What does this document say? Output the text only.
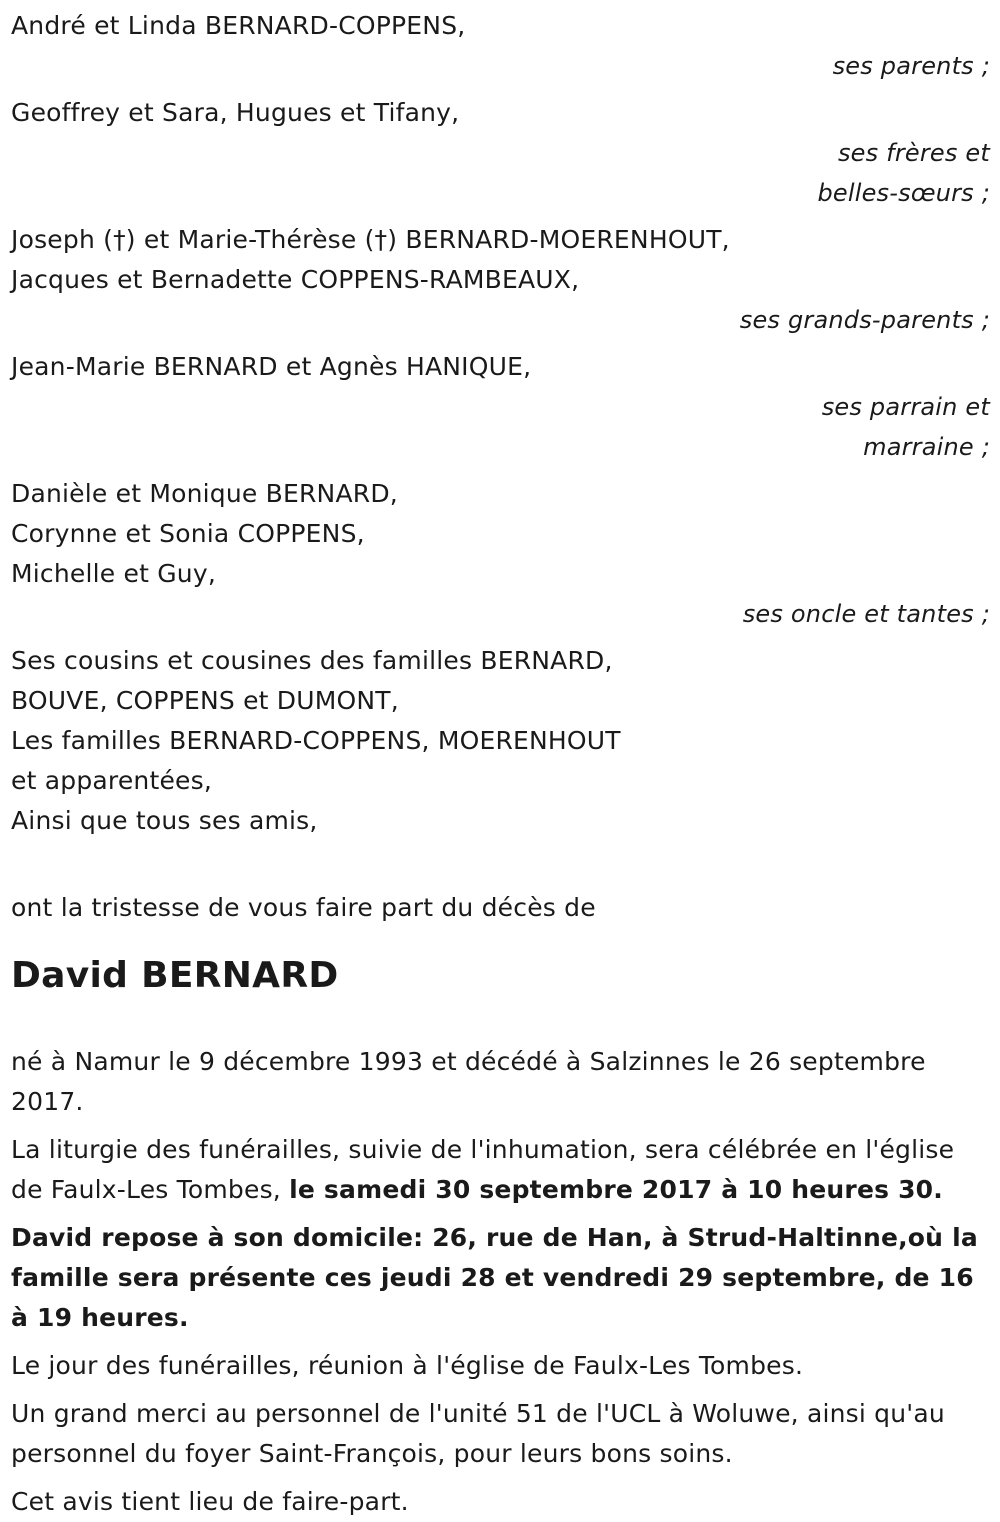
André et Linda BERNARD-COPPENS,
ses parents ;
Geoffrey et Sara, Hugues et Tifany,
ses frères et
belles-sœurs ;
Joseph (†) et Marie-Thérèse (†) BERNARD-MOERENHOUT,
Jacques et Bernadette COPPENS-RAMBEAUX,
ses grands-parents ;
Jean-Marie BERNARD et Agnès HANIQUE,
ses parrain et
marraine ;
Danièle et Monique BERNARD,
Corynne et Sonia COPPENS,
Michelle et Guy,
ses oncle et tantes ;
Ses cousins et cousines des familles BERNARD,
BOUVE, COPPENS et DUMONT,
Les familles BERNARD-COPPENS, MOERENHOUT
et apparentées,
Ainsi que tous ses amis,
ont la tristesse de vous faire part du décès de
David BERNARD
né à Namur le 9 décembre 1993 et décédé à Salzinnes le 26 septembre 2017.
La liturgie des funérailles, suivie de l'inhumation, sera célébrée en l'église de Faulx-Les Tombes, le samedi 30 septembre 2017 à 10 heures 30.
David repose à son domicile: 26, rue de Han, à Strud-Haltinne,où la famille sera présente ces jeudi 28 et vendredi 29 septembre, de 16 à 19 heures.
Le jour des funérailles, réunion à l'église de Faulx-Les Tombes.
Un grand merci au personnel de l'unité 51 de l'UCL à Woluwe, ainsi qu'au personnel du foyer Saint-François, pour leurs bons soins.
Cet avis tient lieu de faire-part.
